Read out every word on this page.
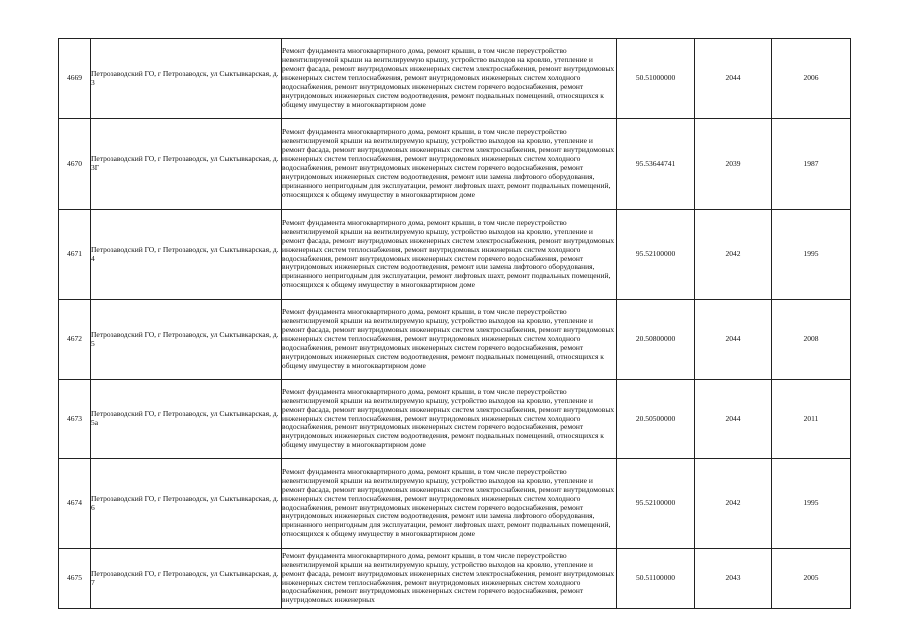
4669	Петрозаводский ГО, г Петрозаводск, ул Сыктывкарская, д. 3	Ремонт фундамента многоквартирного дома, ремонт крыши, в том числе переустройство невентилируемой крыши на вентилируемую крышу, устройство выходов на кровлю, утепление и ремонт фасада, ремонт внутридомовых инженерных систем электроснабжения, ремонт внутридомовых инженерных систем теплоснабжения, ремонт внутридомовых инженерных систем холодного водоснабжения, ремонт внутридомовых инженерных систем горячего водоснабжения, ремонт внутридомовых инженерных систем водоотведения, ремонт подвальных помещений, относящихся к общему имуществу в многоквартирном доме	50.51000000	2044	2006
4670	Петрозаводский ГО, г Петрозаводск, ул Сыктывкарская, д. 3Г	Ремонт фундамента многоквартирного дома, ремонт крыши, в том числе переустройство невентилируемой крыши на вентилируемую крышу, устройство выходов на кровлю, утепление и ремонт фасада, ремонт внутридомовых инженерных систем электроснабжения, ремонт внутридомовых инженерных систем теплоснабжения, ремонт внутридомовых инженерных систем холодного водоснабжения, ремонт внутридомовых инженерных систем горячего водоснабжения, ремонт внутридомовых инженерных систем водоотведения, ремонт или замена лифтового оборудования, признанного непригодным для эксплуатации, ремонт лифтовых шахт, ремонт подвальных помещений, относящихся к общему имуществу в многоквартирном доме	95.53644741	2039	1987
4671	Петрозаводский ГО, г Петрозаводск, ул Сыктывкарская, д. 4	Ремонт фундамента многоквартирного дома, ремонт крыши, в том числе переустройство невентилируемой крыши на вентилируемую крышу, устройство выходов на кровлю, утепление и ремонт фасада, ремонт внутридомовых инженерных систем электроснабжения, ремонт внутридомовых инженерных систем теплоснабжения, ремонт внутридомовых инженерных систем холодного водоснабжения, ремонт внутридомовых инженерных систем горячего водоснабжения, ремонт внутридомовых инженерных систем водоотведения, ремонт или замена лифтового оборудования, признанного непригодным для эксплуатации, ремонт лифтовых шахт, ремонт подвальных помещений, относящихся к общему имуществу в многоквартирном доме	95.52100000	2042	1995
4672	Петрозаводский ГО, г Петрозаводск, ул Сыктывкарская, д. 5	Ремонт фундамента многоквартирного дома, ремонт крыши, в том числе переустройство невентилируемой крыши на вентилируемую крышу, устройство выходов на кровлю, утепление и ремонт фасада, ремонт внутридомовых инженерных систем электроснабжения, ремонт внутридомовых инженерных систем теплоснабжения, ремонт внутридомовых инженерных систем холодного водоснабжения, ремонт внутридомовых инженерных систем горячего водоснабжения, ремонт внутридомовых инженерных систем водоотведения, ремонт подвальных помещений, относящихся к общему имуществу в многоквартирном доме	20.50800000	2044	2008
4673	Петрозаводский ГО, г Петрозаводск, ул Сыктывкарская, д. 5а	Ремонт фундамента многоквартирного дома, ремонт крыши, в том числе переустройство невентилируемой крыши на вентилируемую крышу, устройство выходов на кровлю, утепление и ремонт фасада, ремонт внутридомовых инженерных систем электроснабжения, ремонт внутридомовых инженерных систем теплоснабжения, ремонт внутридомовых инженерных систем холодного водоснабжения, ремонт внутридомовых инженерных систем горячего водоснабжения, ремонт внутридомовых инженерных систем водоотведения, ремонт подвальных помещений, относящихся к общему имуществу в многоквартирном доме	20.50500000	2044	2011
4674	Петрозаводский ГО, г Петрозаводск, ул Сыктывкарская, д. 6	Ремонт фундамента многоквартирного дома, ремонт крыши, в том числе переустройство невентилируемой крыши на вентилируемую крышу, устройство выходов на кровлю, утепление и ремонт фасада, ремонт внутридомовых инженерных систем электроснабжения, ремонт внутридомовых инженерных систем теплоснабжения, ремонт внутридомовых инженерных систем холодного водоснабжения, ремонт внутридомовых инженерных систем горячего водоснабжения, ремонт внутридомовых инженерных систем водоотведения, ремонт или замена лифтового оборудования, признанного непригодным для эксплуатации, ремонт лифтовых шахт, ремонт подвальных помещений, относящихся к общему имуществу в многоквартирном доме	95.52100000	2042	1995
4675	Петрозаводский ГО, г Петрозаводск, ул Сыктывкарская, д. 7	Ремонт фундамента многоквартирного дома, ремонт крыши, в том числе переустройство невентилируемой крыши на вентилируемую крышу, устройство выходов на кровлю, утепление и ремонт фасада, ремонт внутридомовых инженерных систем электроснабжения, ремонт внутридомовых инженерных систем теплоснабжения, ремонт внутридомовых инженерных систем холодного водоснабжения, ремонт внутридомовых инженерных систем горячего водоснабжения, ремонт внутридомовых инженерных	50.51100000	2043	2005
